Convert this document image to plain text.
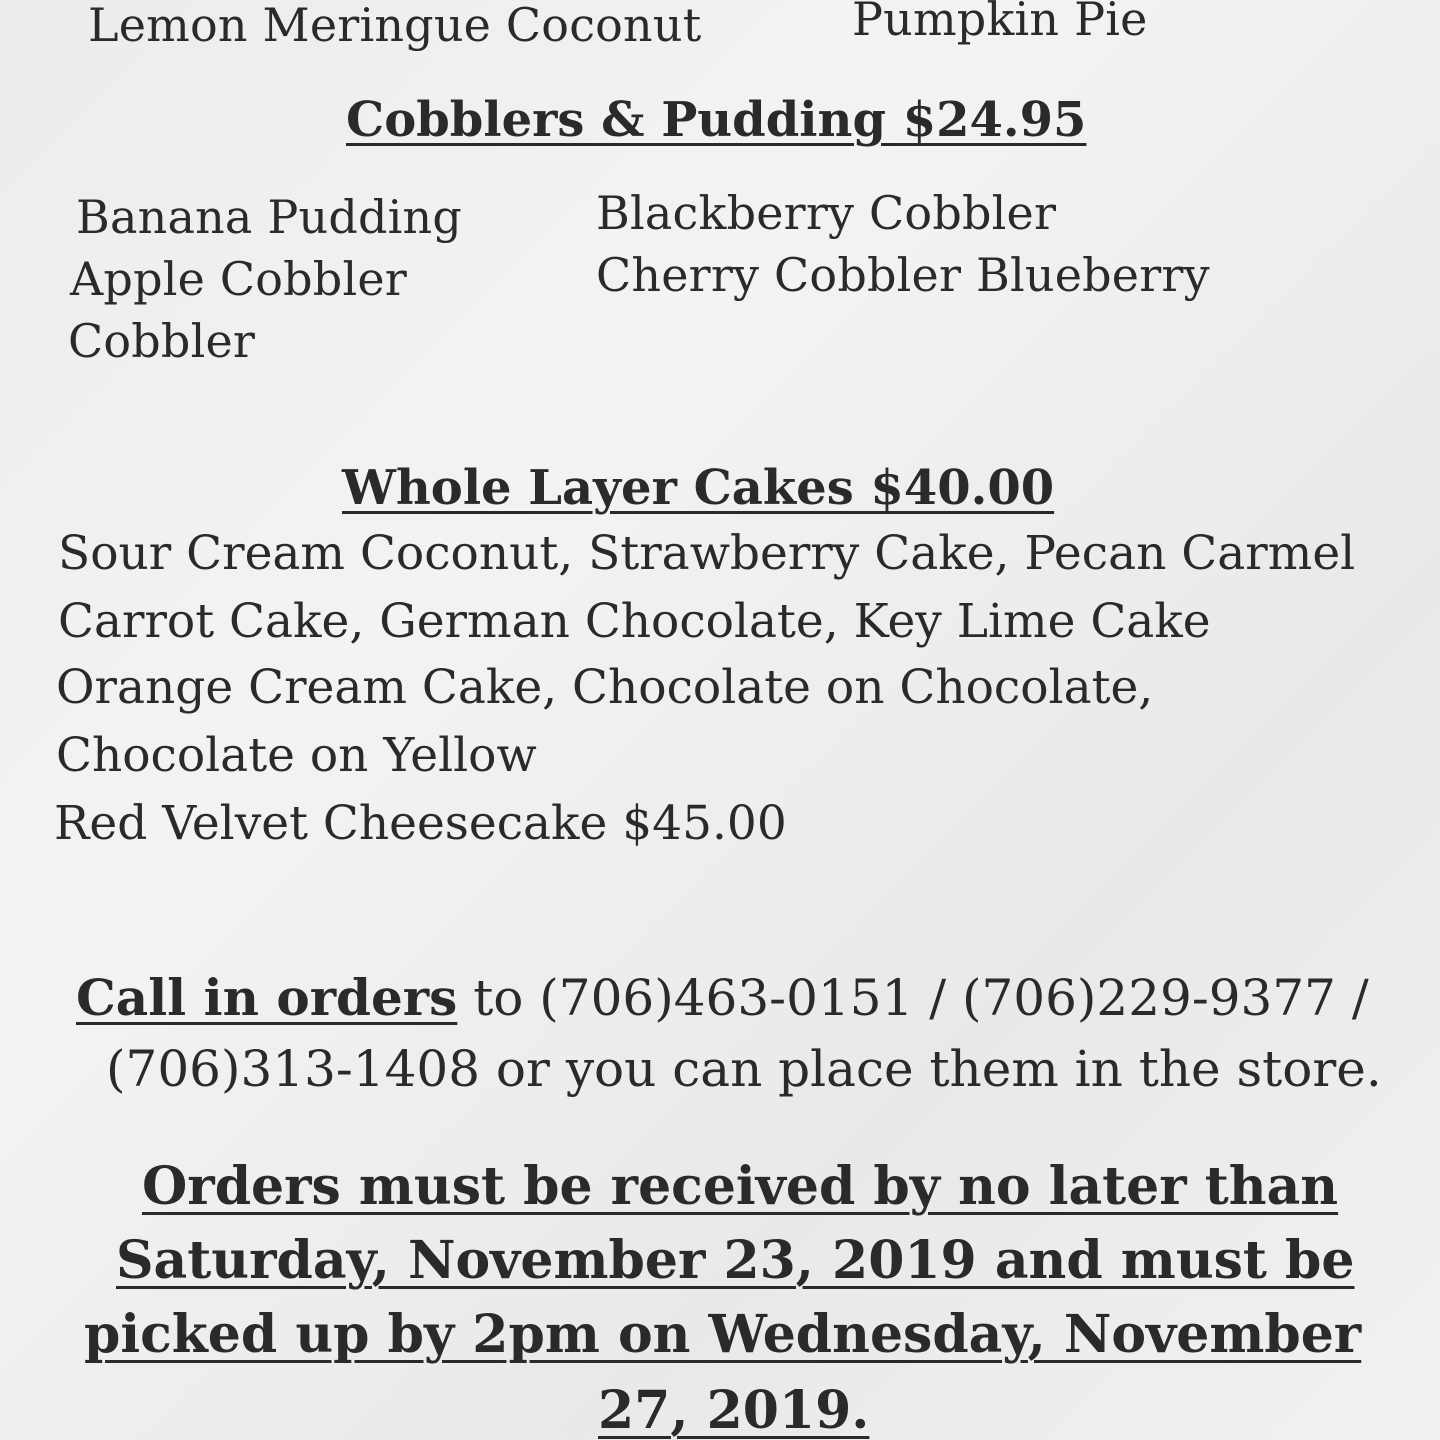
Lemon Meringue Coconut	Pumpkin Pie
Cobblers & Pudding $24.95
Banana Pudding
Apple Cobbler
Cobbler
Blackberry Cobbler
Cherry Cobbler Blueberry
Whole Layer Cakes $40.00
Sour Cream Coconut, Strawberry Cake, Pecan Carmel
Carrot Cake, German Chocolate, Key Lime Cake
Orange Cream Cake, Chocolate on Chocolate,
Chocolate on Yellow
Red Velvet Cheesecake $45.00
Call in orders to (706)463-0151 / (706)229-9377 /
(706)313-1408 or you can place them in the store.
Orders must be received by no later than
Saturday, November 23, 2019 and must be
picked up by 2pm on Wednesday, November
27, 2019.
